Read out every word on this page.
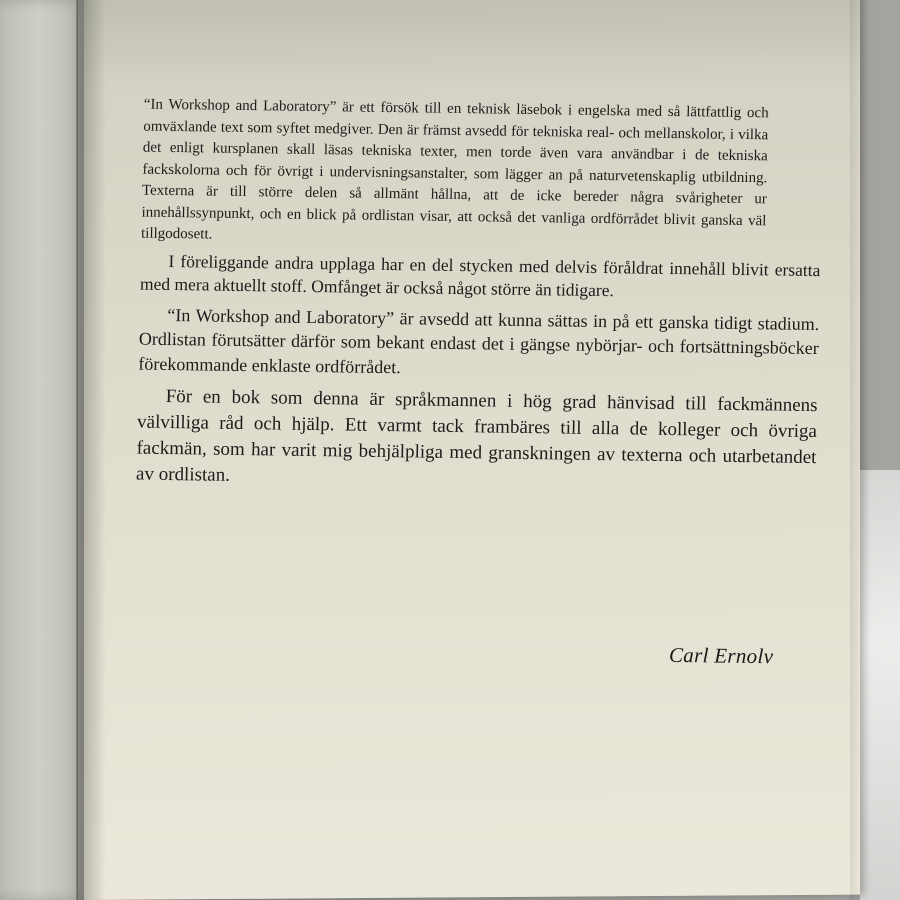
“In Workshop and Laboratory” är ett försök till en teknisk läsebok i engelska med så lättfattlig och omväxlande text som syftet medgiver. Den är främst avsedd för tekniska real- och mellanskolor, i vilka det enligt kursplanen skall läsas tekniska texter, men torde även vara användbar i de tekniska fackskolorna och för övrigt i undervisningsanstalter, som lägger an på naturvetenskaplig utbildning. Texterna är till större delen så allmänt hållna, att de icke bereder några svårigheter ur innehållssynpunkt, och en blick på ordlistan visar, att också det vanliga ordförrådet blivit ganska väl tillgodosett.

I föreliggande andra upplaga har en del stycken med delvis föråldrat innehåll blivit ersatta med mera aktuellt stoff. Omfånget är också något större än tidigare.

“In Workshop and Laboratory” är avsedd att kunna sättas in på ett ganska tidigt stadium. Ordlistan förutsätter därför som bekant endast det i gängse nybörjar- och fortsättningsböcker förekommande enklaste ordförrådet.

För en bok som denna är språkmannen i hög grad hänvisad till fackmännens välvilliga råd och hjälp. Ett varmt tack frambäres till alla de kolleger och övriga fackmän, som har varit mig behjälpliga med granskningen av texterna och utarbetandet av ordlistan.

Carl Ernolv
